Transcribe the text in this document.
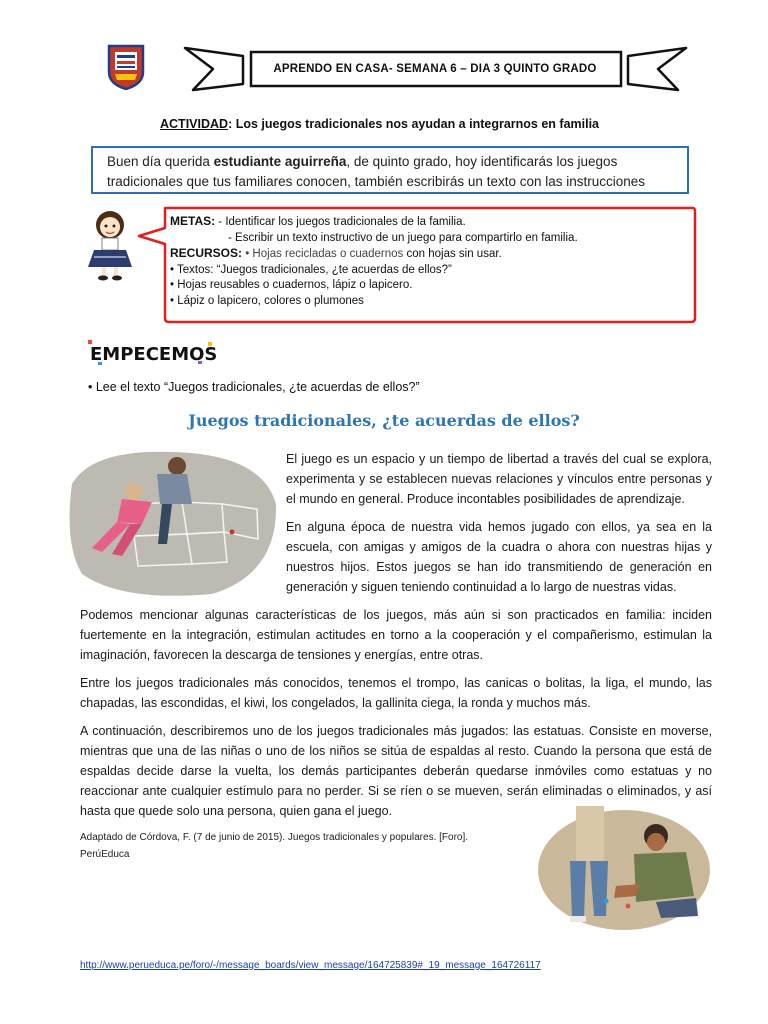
APRENDO EN CASA- SEMANA 6 – DIA 3 QUINTO GRADO
ACTIVIDAD: Los juegos tradicionales nos ayudan a integrarnos en familia
Buen día querida estudiante aguirreña, de quinto grado, hoy identificarás los juegos tradicionales que tus familiares conocen, también escribirás un texto con las instrucciones
METAS: - Identificar los juegos tradicionales de la familia.
- Escribir un texto instructivo de un juego para compartirlo en familia.
RECURSOS: • Hojas recicladas o cuadernos con hojas sin usar.
• Textos: “Juegos tradicionales, ¿te acuerdas de ellos?”
• Hojas reusables o cuadernos, lápiz o lapicero.
• Lápiz o lapicero, colores o plumones
EMPECEMOS
• Lee el texto “Juegos tradicionales, ¿te acuerdas de ellos?”
Juegos tradicionales, ¿te acuerdas de ellos?
El juego es un espacio y un tiempo de libertad a través del cual se explora, experimenta y se establecen nuevas relaciones y vínculos entre personas y el mundo en general. Produce incontables posibilidades de aprendizaje.
En alguna época de nuestra vida hemos jugado con ellos, ya sea en la escuela, con amigas y amigos de la cuadra o ahora con nuestras hijas y nuestros hijos. Estos juegos se han ido transmitiendo de generación en generación y siguen teniendo continuidad a lo largo de nuestras vidas.
Podemos mencionar algunas características de los juegos, más aún si son practicados en familia: inciden fuertemente en la integración, estimulan actitudes en torno a la cooperación y el compañerismo, estimulan la imaginación, favorecen la descarga de tensiones y energías, entre otras.
Entre los juegos tradicionales más conocidos, tenemos el trompo, las canicas o bolitas, la liga, el mundo, las chapadas, las escondidas, el kiwi, los congelados, la gallinita ciega, la ronda y muchos más.
A continuación, describiremos uno de los juegos tradicionales más jugados: las estatuas. Consiste en moverse, mientras que una de las niñas o uno de los niños se sitúa de espaldas al resto. Cuando la persona que está de espaldas decide darse la vuelta, los demás participantes deberán quedarse inmóviles como estatuas y no reaccionar ante cualquier estímulo para no perder. Si se ríen o se mueven, serán eliminadas o eliminados, y así hasta que quede solo una persona, quien gana el juego.
Adaptado de Córdova, F. (7 de junio de 2015). Juegos tradicionales y populares. [Foro].
PerúEduca
http://www.perueduca.pe/foro/-/message_boards/view_message/164725839#_19_message_164726117
